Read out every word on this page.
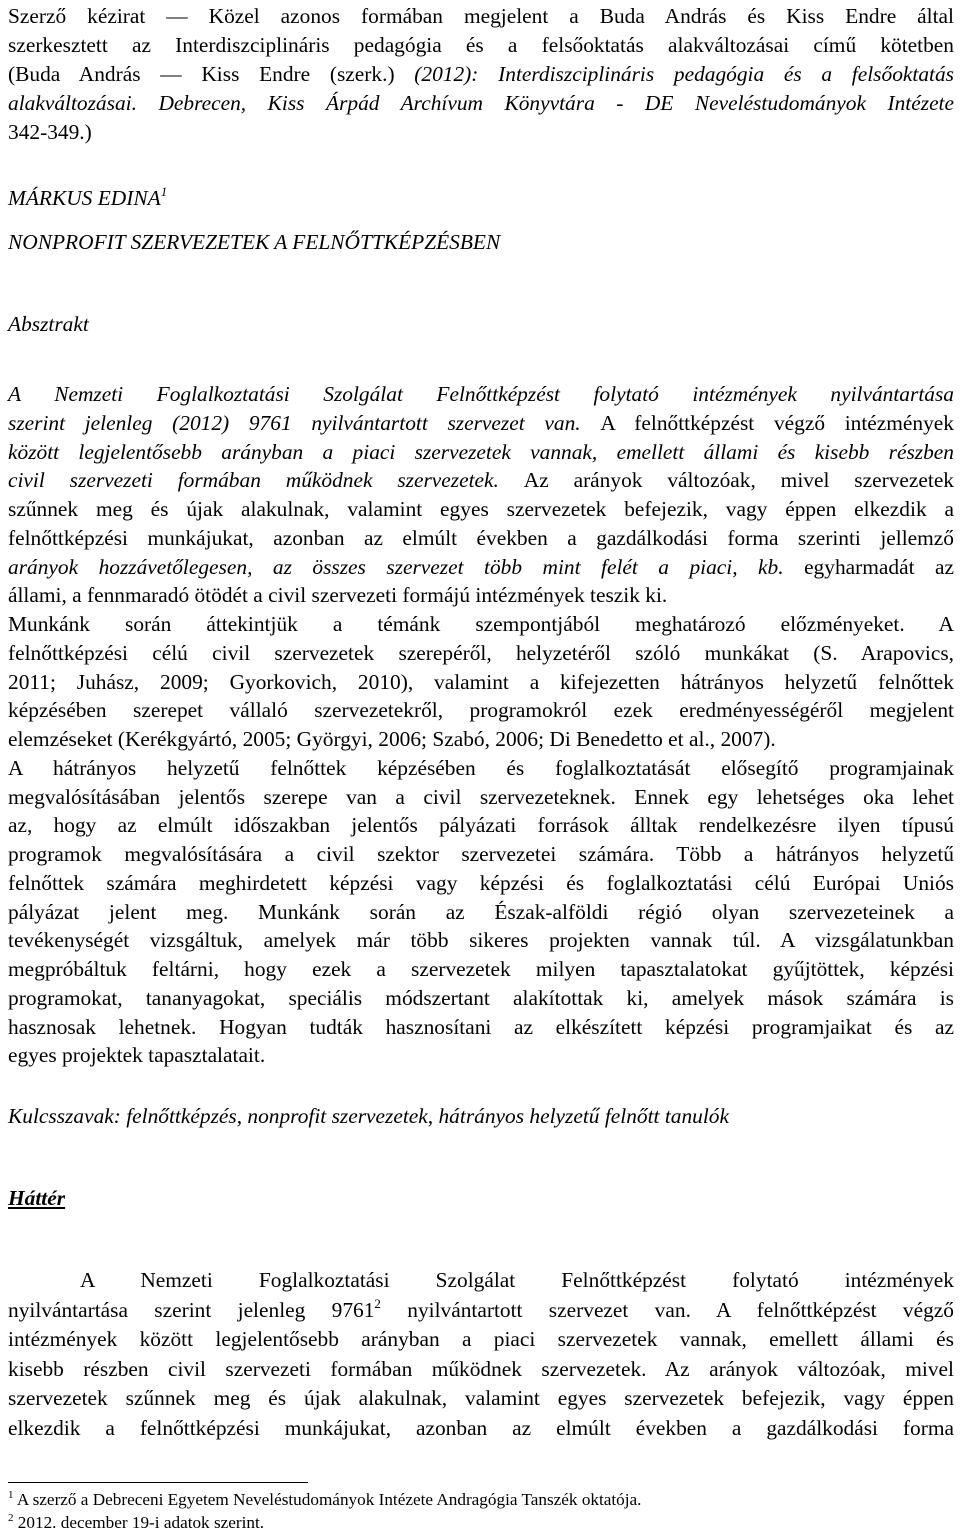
Szerző kézirat — Közel azonos formában megjelent a Buda András és Kiss Endre által
szerkesztett az Interdiszciplináris pedagógia és a felsőoktatás alakváltozásai című kötetben
(Buda András — Kiss Endre (szerk.) (2012): Interdiszciplináris pedagógia és a felsőoktatás
alakváltozásai. Debrecen, Kiss Árpád Archívum Könyvtára - DE Neveléstudományok Intézete
342-349.)
MÁRKUS EDINA$^1$
NONPROFIT SZERVEZETEK A FELNŐTTKÉPZÉSBEN
Absztrakt
A Nemzeti Foglalkoztatási Szolgálat Felnőttképzést folytató intézmények nyilvántartása
szerint jelenleg (2012) 9761 nyilvántartott szervezet van. A felnőttképzést végző intézmények
között legjelentősebb arányban a piaci szervezetek vannak, emellett állami és kisebb részben
civil szervezeti formában működnek szervezetek. Az arányok változóak, mivel szervezetek
szűnnek meg és újak alakulnak, valamint egyes szervezetek befejezik, vagy éppen elkezdik a
felnőttképzési munkájukat, azonban az elmúlt években a gazdálkodási forma szerinti jellemző
arányok hozzávetőlegesen, az összes szervezet több mint felét a piaci, kb. egyharmadát az
állami, a fennmaradó ötödét a civil szervezeti formájú intézmények teszik ki.
Munkánk során áttekintjük a témánk szempontjából meghatározó előzményeket. A
felnőttképzési célú civil szervezetek szerepéről, helyzetéről szóló munkákat (S. Arapovics,
2011; Juhász, 2009; Gyorkovich, 2010), valamint a kifejezetten hátrányos helyzetű felnőttek
képzésében szerepet vállaló szervezetekről, programokról ezek eredményességéről megjelent
elemzéseket (Kerékgyártó, 2005; Györgyi, 2006; Szabó, 2006; Di Benedetto et al., 2007).
A hátrányos helyzetű felnőttek képzésében és foglalkoztatását elősegítő programjainak
megvalósításában jelentős szerepe van a civil szervezeteknek. Ennek egy lehetséges oka lehet
az, hogy az elmúlt időszakban jelentős pályázati források álltak rendelkezésre ilyen típusú
programok megvalósítására a civil szektor szervezetei számára. Több a hátrányos helyzetű
felnőttek számára meghirdetett képzési vagy képzési és foglalkoztatási célú Európai Uniós
pályázat jelent meg. Munkánk során az Észak-alföldi régió olyan szervezeteinek a
tevékenységét vizsgáltuk, amelyek már több sikeres projekten vannak túl. A vizsgálatunkban
megpróbáltuk feltárni, hogy ezek a szervezetek milyen tapasztalatokat gyűjtöttek, képzési
programokat, tananyagokat, speciális módszertant alakítottak ki, amelyek mások számára is
hasznosak lehetnek. Hogyan tudták hasznosítani az elkészített képzési programjaikat és az
egyes projektek tapasztalatait.
Kulcsszavak: felnőttképzés, nonprofit szervezetek, hátrányos helyzetű felnőtt tanulók
Háttér
A Nemzeti Foglalkoztatási Szolgálat Felnőttképzést folytató intézmények
nyilvántartása szerint jelenleg 9761$^2$ nyilvántartott szervezet van. A felnőttképzést végző
intézmények között legjelentősebb arányban a piaci szervezetek vannak, emellett állami és
kisebb részben civil szervezeti formában működnek szervezetek. Az arányok változóak, mivel
szervezetek szűnnek meg és újak alakulnak, valamint egyes szervezetek befejezik, vagy éppen
elkezdik a felnőttképzési munkájukat, azonban az elmúlt években a gazdálkodási forma
$^1$ A szerző a Debreceni Egyetem Neveléstudományok Intézete Andragógia Tanszék oktatója.
$^2$ 2012. december 19-i adatok szerint.
